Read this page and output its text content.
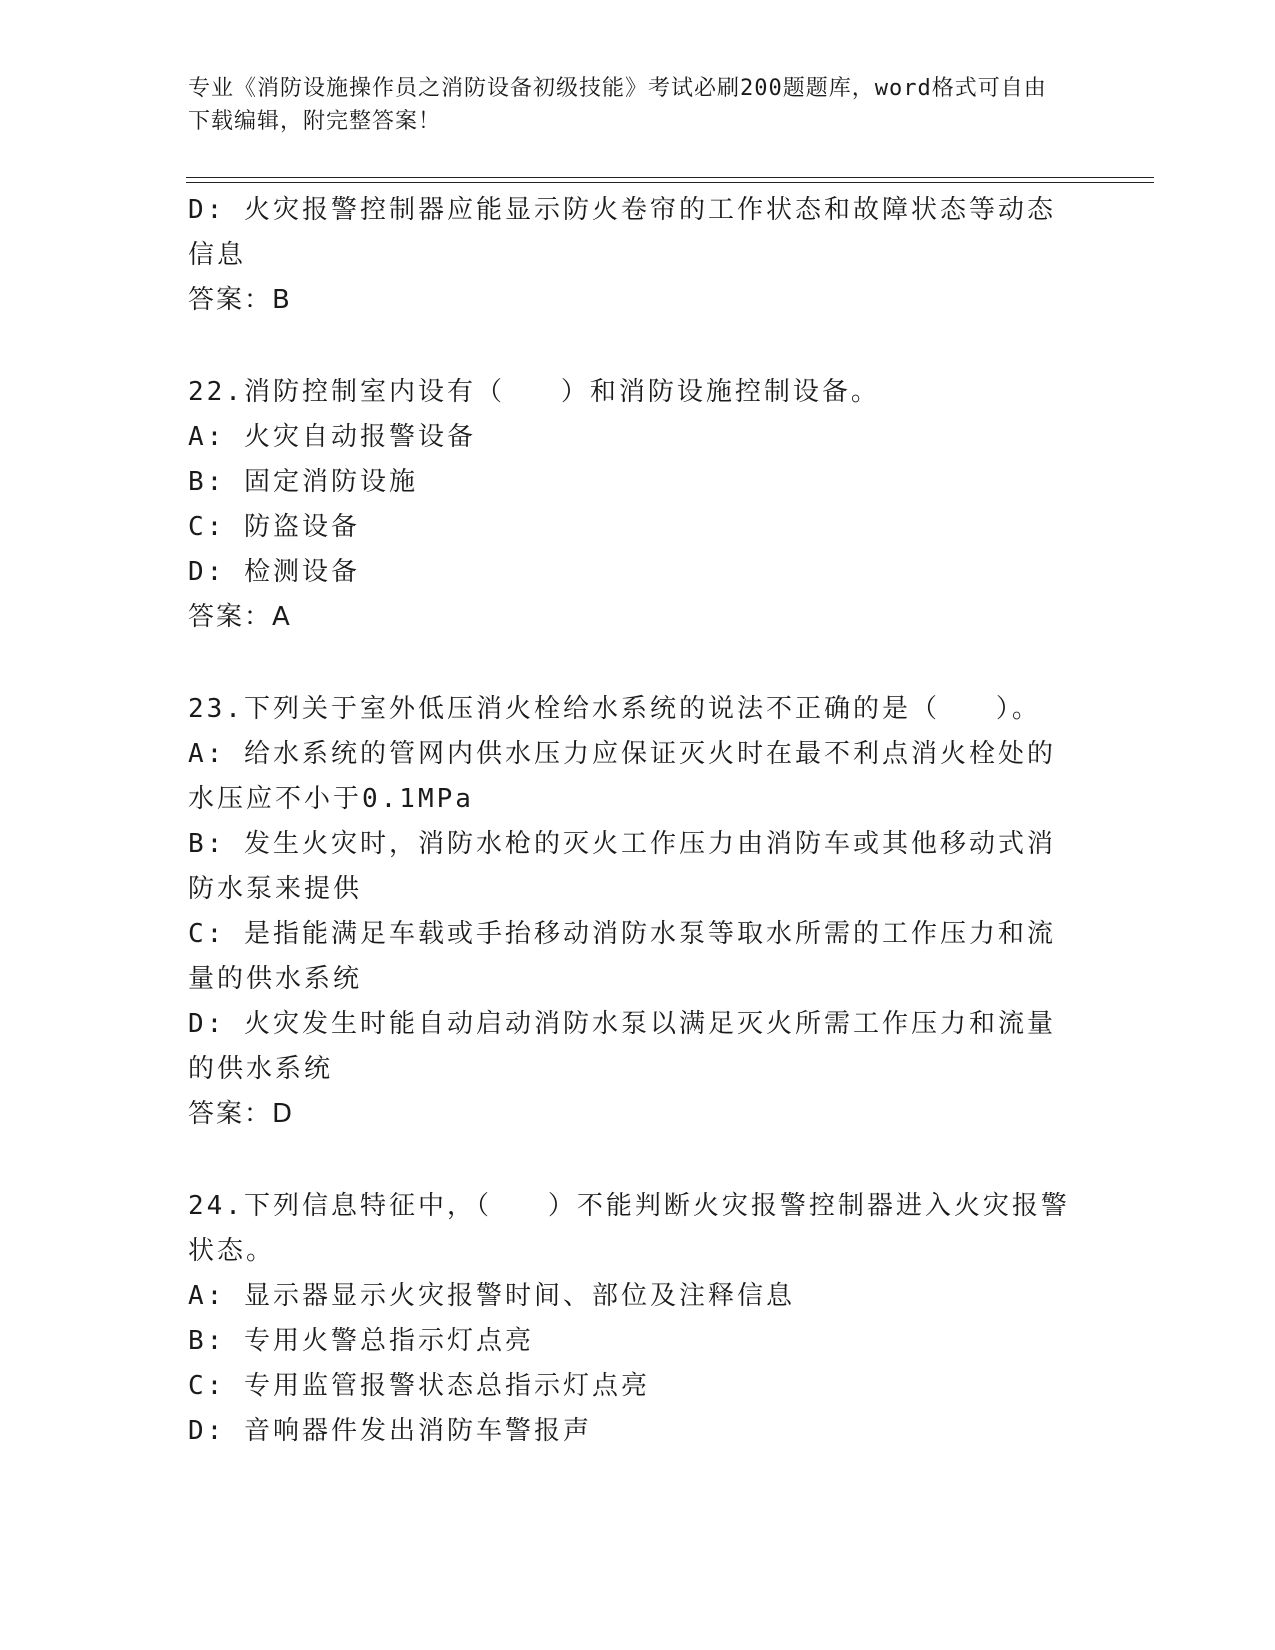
专业《消防设施操作员之消防设备初级技能》考试必刷200题题库，word格式可自由下载编辑，附完整答案！
D: 火灾报警控制器应能显示防火卷帘的工作状态和故障状态等动态信息
答案：B
22.消防控制室内设有（   ）和消防设施控制设备。
A: 火灾自动报警设备
B: 固定消防设施
C: 防盗设备
D: 检测设备
答案：A
23.下列关于室外低压消火栓给水系统的说法不正确的是（   ）。
A: 给水系统的管网内供水压力应保证灭火时在最不利点消火栓处的水压应不小于0.1MPa
B: 发生火灾时，消防水枪的灭火工作压力由消防车或其他移动式消防水泵来提供
C: 是指能满足车载或手抬移动消防水泵等取水所需的工作压力和流量的供水系统
D: 火灾发生时能自动启动消防水泵以满足灭火所需工作压力和流量的供水系统
答案：D
24.下列信息特征中，（   ）不能判断火灾报警控制器进入火灾报警状态。
A: 显示器显示火灾报警时间、部位及注释信息
B: 专用火警总指示灯点亮
C: 专用监管报警状态总指示灯点亮
D: 音响器件发出消防车警报声
